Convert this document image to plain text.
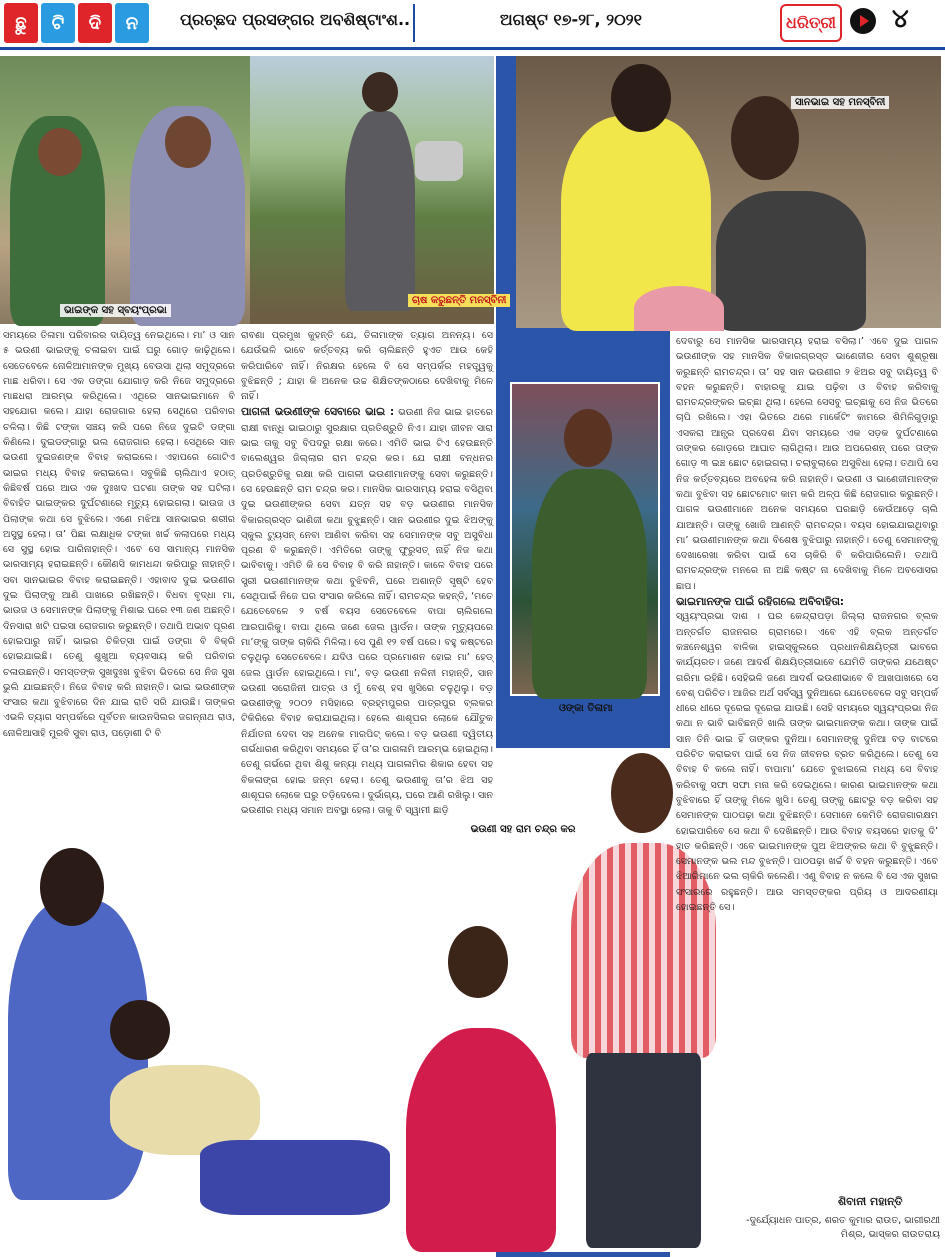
ଛୁ	ଟି	ଦି	ନ	ପ୍ରଚ୍ଛଦ ପ୍ରସଙ୍ଗର ଅବଶିଷ୍ଟାଂଶ..	ଅଗଷ୍ଟ ୧୭-୨୮, ୨୦୨୧	ଧରିତ୍ରୀ ୪
ଭାଇଙ୍କ ସହ ସ୍ବୟଂପ୍ରଭା
ଚାଷ କରୁଛନ୍ତି ମନସ୍ବିନୀ
ସାନଭାଇ ସହ ମନସ୍ବିନୀ
ଓଙ୍କା ତିଳାମା
ଭଉଣୀ ସହ ରାମ ଚନ୍ଦ୍ର କର

ସମୟରେ ତିଳାମା ପରିବାରର ଦାୟିତ୍ୱ ନେଇଥିଲେ। ମା’ ଓ ସାନ ୫ ଭଉଣୀ ଭାଇଙ୍କୁ ଚଳାଇବା ପାଇଁ ଘରୁ ଗୋଡ଼ କାଢ଼ିଥିଲେ। ସେତେବେଳେ ନୋଳିଆମାନଙ୍କ ମୁଖ୍ୟ ବେଉସା ଥିଲା ସମୁଦ୍ରରେ ମାଛ ଧରିବା। ସେ ଏକ ଡଙ୍ଗା ଯୋଗାଡ଼ କରି ନିଜେ ସମୁଦ୍ରରେ ମାଛଧରା ଆରମ୍ଭ କରିଥିଲେ। ଏଥିରେ ସାନଭାଇମାନେ ବି ସହଯୋଗ କଲେ। ଯାହା ରୋଜଗାର ହେଲା ସେଥିରେ ପରିବାର ଚଳିଲା। କିଛି ଟଙ୍କା ସଞ୍ଚୟ କରି ପରେ ନିଜେ ଦୁଇଟି ଡଙ୍ଗା କିଣିଲେ। ଦୁଇଡଙ୍ଗାରୁ ଭଲ ରୋଜଗାର ହେଲା। ସେଥିରେ ସାନ ଭଉଣୀ ଦୁଇଜଣଙ୍କ ବିବାହ କରାଇଲେ। ଏହାପରେ ଗୋଟିଏ ଭାଇର ମଧ୍ୟ ବିବାହ କରାଇଲେ। ସବୁକିଛି ଚାଲିଥାଏ ହଠାତ୍ କିଛିବର୍ଷ ପରେ ଆଉ ଏକ ଦୁଃଖଦ ଘଟଣା ତାଙ୍କ ସହ ଘଟିଲା। ବିବାହିତ ଭାଇଙ୍କର ଦୁର୍ଘଟଣାରେ ମୃତ୍ୟୁ ହୋଇଗଲା। ଭାଉଜ ଓ ପିଲାଙ୍କ କଥା ସେ ବୁଝିଲେ। ଏଣେ ମଝିଆ ସାନଭାଇର ଶରୀର ଅସୁସ୍ଥ ହେଲା। ତା’ ପିଛା ଲକ୍ଷାଧିକ ଟଙ୍କା ଖର୍ଚ୍ଚ କଲାପରେ ମଧ୍ୟ ସେ ସୁସ୍ଥ ହୋଇ ପାରିନାହାନ୍ତି। ଏବେ ସେ ସାମାନ୍ୟ ମାନସିକ ଭାରସାମ୍ୟ ହରାଇଛନ୍ତି। କୌଣସି କାମଧନ୍ଦା କରିପାରୁ ନାହାନ୍ତି। ସବା ସାନଭାଇର ବିବାହ କରାଇଛନ୍ତି। ଏହାବାଦ ଦୁଇ ଭଉଣୀର ଦୁଇ ପିଲାଙ୍କୁ ଆଣି ପାଖରେ ରଖିଛନ୍ତି। ବିଧବା ବୃଦ୍ଧା ମା, ଭାଉଜ ଓ ସେମାନଙ୍କ ପିଲାଙ୍କୁ ମିଶାଇ ଘରେ ୧୩ ଜଣ ଅଛନ୍ତି। ଦିନସାରା ଖଟି ପଇସା ରୋଜଗାର କରୁଛନ୍ତି। ତଥାପି ଅଭାବ ପୂରଣ ହୋଇପାରୁ ନାହିଁ। ଭାଇର ଚିକିତ୍ସା ପାଇଁ ଡଙ୍ଗା ବି ବିକ୍ରି ହୋଇଯାଇଛି। ତେଣୁ ଶୁଖୁଆ ବ୍ୟବସାୟ କରି ପରିବାର ଚଳାଉଛନ୍ତି। ସମସ୍ତଙ୍କ ସୁଖଦୁଃଖ ବୁଝିବା ଭିତରେ ସେ ନିଜ ସୁଖ ଭୁଲି ଯାଇଛନ୍ତି। ନିଜେ ବିବାହ କରି ନାହାନ୍ତି। ଭାଇ ଭଉଣୀଙ୍କ ସଂସାର କଥା ବୁଝିବାରେ ଦିନ ଯାଇ ରାତି ସରି ଯାଉଛି। ତାଙ୍କର ଏଭଳି ତ୍ୟାଗ ସମ୍ପର୍କରେ ପୂର୍ବତନ କାଉନସିଲର ଜଗନ୍ନାଥ ରାଓ, ନୋଳିଆସାହି ମୁରବି ସୁବା ରାଓ, ପଡ଼ୋଶୀ ଟି ବି

ରାବଣା ପ୍ରମୁଖ କୁହନ୍ତି ଯେ, ତିଳାମାଙ୍କ ତ୍ୟାଗ ଅନନ୍ୟ। ସେ ଯେଉଁଭଳି ଭାବେ କର୍ତ୍ତବ୍ୟ କରି ଚାଲିଛନ୍ତି ହୁଏତ ଆଉ କେହି କରିପାରିବେ ନାହିଁ। ନିରକ୍ଷର ହେଲେ ବି ସେ ସମ୍ପର୍କର ମହତ୍ତ୍ୱକୁ ବୁଝିଛନ୍ତି ; ଯାହା କି ଅନେକ ଉଚ୍ଚ ଶିକ୍ଷିତଙ୍କଠାରେ ଦେଖିବାକୁ ମିଳେ ନାହିଁ।

ପାଗଳୀ ଭଉଣୀଙ୍କ ସେବାରେ ଭାଇ : ଭଉଣୀ ନିଜ ଭାଇ ହାତରେ ରାକ୍ଷୀ ବାନ୍ଧି ଭାଇଠାରୁ ସୁରକ୍ଷାର ପ୍ରତିଶ୍ରୁତି ନିଏ। ଯାହା ଜୀବନ ସାରା ଭାଇ ତାକୁ ସବୁ ବିପଦରୁ ରକ୍ଷା କରେ। ଏମିତି ଭାଇ ଟିଏ ହେଉଛନ୍ତି ବାଲେଶ୍ୱର ଜିଲ୍ଲାର ରାମ ଚନ୍ଦ୍ର କର। ଯେ ରାକ୍ଷୀ ବନ୍ଧନର ପ୍ରତିଶ୍ରୁତିକୁ ରକ୍ଷା କରି ପାଗଳୀ ଭଉଣୀମାନଙ୍କୁ ସେବା କରୁଛନ୍ତି। ସେ ହେଉଛନ୍ତି ରାମ ଚନ୍ଦ୍ର କର। ମାନସିକ ଭାରସାମ୍ୟ ହରାଇ ବସିଥିବା ଦୁଇ ଭଉଣୀଙ୍କର ସେବା ଯତ୍ନ ସହ ବଡ଼ ଭଉଣୀର ମାନସିକ ବିକାରଗ୍ରସ୍ତ ଭାଣିଜୀ କଥା ବୁଝୁଛନ୍ତି। ସାନ ଭଉଣୀର ଦୁଇ ଝିଅଙ୍କୁ ସ୍କୁଲ ଟ୍ୟୁସନ୍ ନେବା ଆଣିବା କରିବା ସହ ସେମାନଙ୍କ ସବୁ ଅସୁବିଧା ପୂରଣ ବି କରୁଛନ୍ତି। ଏମିତିରେ ତାଙ୍କୁ ଫୁରୁସତ୍ ନାହିଁ ନିଜ କଥା ଭାବିବାକୁ। ଏମିତି କି ସେ ବିବାହ ବି କରି ନାହାନ୍ତି। କାଳେ ବିବାହ ପରେ ସ୍ତ୍ରୀ ଭଉଣୀମାନଙ୍କ କଥା ବୁଝିବନି, ଘରେ ଅଶାନ୍ତି ସୃଷ୍ଟି ହେବ ସେଥିପାଇଁ ନିଜେ ଘର ସଂସାର କରିଲେ ନାହିଁ। ରାମଚନ୍ଦ୍ର କହନ୍ତି, ‘ମତେ ଯେତେବେଳେ ୨ ବର୍ଷ ବୟସ ସେତେବେଳେ ବାପା ଚାଲିଗଲେ ଆରପାରିକୁ। ବାପା ଥିଲେ ଜଣେ ଜେଲ ୱାର୍ଡନ। ତାଙ୍କ ମୃତ୍ୟୁପରେ ମା’ଙ୍କୁ ତାଙ୍କ ଚାକିରି ମିଳିଲା। ସେ ପୁଣି ୧୨ ବର୍ଷ ପରେ। ବହୁ କଷ୍ଟରେ ଚଳୁଥିଲୁ ସେତେବେଳେ। ଯଦିଓ ପରେ ପ୍ରମୋଶନ ହୋଇ ମା’ ହେଡ୍ ଜେଲ ୱାର୍ଡନ ହୋଇଥିଲେ। ମା’, ବଡ଼ ଭଉଣୀ ନଳିନୀ ମହାନ୍ତି, ସାନ ଭଉଣୀ ସରୋଜିନୀ ପାତ୍ର ଓ ମୁଁ ବେଶ୍ ହସ ଖୁସିରେ ଚଳୁଥିଲୁ। ବଡ଼ ଭଉଣୀଙ୍କୁ ୨୦୦୨ ମସିହାରେ ବ୍ରହ୍ମପୁରର ପାତ୍ରପୁର ବ୍ଲକର ଟିକିରିରେ ବିବାହ କରାଯାଇଥିଲା। ହେଲେ ଶାଶୂଘର ଲୋକେ ଯୌତୁକ ନିର୍ଯାତନା ଦେବା ସହ ଅନେକ ମାରପିଟ୍ କଲେ। ବଡ଼ ଭଉଣୀ ଦ୍ୱିତୀୟ ଗର୍ଭଧାରଣ କରିଥିବା ସମୟରେ ହିଁ ତା’ର ପାଗଳାମି ଆରମ୍ଭ ହୋଇଥିଲା। ତେଣୁ ଗର୍ଭରେ ଥିବା ଶିଶୁ କନ୍ୟା ମଧ୍ୟ ପାଗଳାମିର ଶିକାର ହେବା ସହ ବିକଳାଙ୍ଗ ହୋଇ ଜନ୍ମ ହେଲା। ତେଣୁ ଭଉଣୀକୁ ତା’ର ଝିଅ ସହ ଶାଶୂଘର ଲୋକେ ଘରୁ ତଡ଼ିଦେଲେ। ଦୁର୍ଭାଗ୍ୟ, ଘରେ ଆଣି ରଖିଲୁ। ସାନ ଭଉଣୀର ମଧ୍ୟ ସମାନ ଅବସ୍ଥା ହେଲା। ତାକୁ ବି ସ୍ୱାମୀ ଛାଡ଼ି

ଦେବାରୁ ସେ ମାନସିକ ଭାରସାମ୍ୟ ହରାଇ ବସିଲା।’ ଏବେ ଦୁଇ ପାଗଳ ଭଉଣୀଙ୍କ ସହ ମାନସିକ ବିକାରଗ୍ରସ୍ତ ଭାଣେଜୀର ସେବା ଶୁଶ୍ରୂଷା କରୁଛନ୍ତି ରାମଚନ୍ଦ୍ର। ତା’ ସହ ସାନ ଭଉଣୀର ୨ ଝିଅର ସବୁ ଦାୟିତ୍ୱ ବି ବହନ କରୁଛନ୍ତି। ବାହାରକୁ ଯାଇ ପଢ଼ିବା ଓ ବିବାହ କରିବାକୁ ରାମଚନ୍ଦ୍ରଙ୍କର ଇଚ୍ଛା ଥିଲା। ହେଲେ ସେସବୁ ଇଚ୍ଛାକୁ ସେ ନିଜ ଭିତରେ ଚାପି ରଖିଲେ। ଏହା ଭିତରେ ଥରେ ମାର୍କେଟିଂ କାମରେ ଶିମିଳିଗୁଡ଼ାରୁ ଏସକରା ଆନ୍ଧ୍ର ପ୍ରଦେଶ ଯିବା ସମୟରେ ଏକ ସଡ଼କ ଦୁର୍ଘଟଣାରେ ତାଙ୍କର ଗୋଡ଼ରେ ଆଘାତ ଲାଗିଥିଲା। ଆଉ ଅପରେଶନ୍ ପରେ ତାଙ୍କ ଗୋଡ଼ ୩ ଇଞ୍ଚ ଛୋଟ ହୋଇଗଲା। ଚଲାବୁଲାରେ ଅସୁବିଧା ହେଲା। ତଥାପି ସେ ନିଜ କର୍ତ୍ତବ୍ୟରେ ଅବହେଳା କରି ନାହାନ୍ତି। ଭଉଣୀ ଓ ଭାଣେଜୀମାନଙ୍କ କଥା ବୁଝିବା ସହ ଛୋଟମୋଟ କାମ କରି ଅଳ୍ପ କିଛି ରୋଜଗାର କରୁଛନ୍ତି। ପାଗଳ ଭଉଣୀମାନେ ଅନେକ ସମୟରେ ଘରଛାଡ଼ି କେଉଁଆଡ଼େ ଚାଲି ଯାଆନ୍ତି। ତାଙ୍କୁ ଖୋଜି ଆଣନ୍ତି ରାମଚନ୍ଦ୍ର। ବୟସ ହୋଇଯାଇଥିବାରୁ ମା’ ଭଉଣୀମାନଙ୍କ କଥା ବିଶେଷ ବୁଝିପାରୁ ନାହାନ୍ତି। ତେଣୁ ସେମାନଙ୍କୁ ଦେଖାରେଖା କରିବା ପାଇଁ ସେ ଚାକିରି ବି କରିପାରିଲେନି। ତଥାପି ରାମଚନ୍ଦ୍ରଙ୍କ ମନରେ ନା ଅଛି କଷ୍ଟ ନା ଦେଖିବାକୁ ମିଳେ ଅବସୋସର ଛାପ।

ଭାଇମାନଙ୍କ ପାଇଁ ରହିଗଲେ ଅବିବାହିତା:

ସ୍ୱୟଂପ୍ରଭା ଦାଶ । ଘର କେନ୍ଦ୍ରାପଡ଼ା ଜିଲ୍ଲା ରାଜନଗର ବ୍ଲକ ଅନ୍ତର୍ଗତ ରାଜନଗର ଗ୍ରାମରେ। ଏବେ ଏହି ବ୍ଲକ ଅନ୍ତର୍ଗତ କଞ୍ଚନେଶ୍ୱର ବାଳିକା ହାଇସ୍କୁଲରେ ପ୍ରଧାନଶିକ୍ଷୟିତ୍ରୀ ଭାବରେ କାର୍ଯ୍ୟରତ। ଜଣେ ଆଦର୍ଶ ଶିକ୍ଷୟିତ୍ରୀଭାବେ ଯେମିତି ତାଙ୍କର ଯଥେଷ୍ଟ ଗରିମା ରହିଛି। ସେହିଭଳି ଜଣେ ଆଦର୍ଶ ଭଉଣୀଭାବେ ବି ଆଖପାଖରେ ସେ ବେଶ୍ ପରିଚିତ। ଆଜିର ଅର୍ଥ ସର୍ବସ୍ୱ ଦୁନିଆରେ ଯେତେବେଳେ ସବୁ ସମ୍ପର୍କ ଧୀରେ ଧୀରେ ଦୂରେଇ ଦୂରେଇ ଯାଉଛି। ସେହି ସମୟରେ ସ୍ୱୟଂପ୍ରଭା ନିଜ କଥା ନ ଭାବି ଭାବିଛନ୍ତି ଖାଲି ତାଙ୍କ ଭାଇମାନଙ୍କ କଥା। ତାଙ୍କ ପାଇଁ ସାନ ତିନି ଭାଇ ହିଁ ତାଙ୍କର ଦୁନିଆ। ସେମାନଙ୍କୁ ଦୁନିଆ ବଡ଼ ବାଟରେ ପରିଚିତ କରାଇବା ପାଇଁ ସେ ନିଜ ଜୀବନର ବ୍ରତ କରିଥିଲେ। ତେଣୁ ସେ ବିବାହ ବି କଲେ ନାହିଁ। ବାପାମା’ ଯେତେ ବୁଝାଇଲେ ମଧ୍ୟ ସେ ବିବାହ କରିବାକୁ ସଫା ସଫା ମନା କରି ଦେଇଥିଲେ। କାରଣ ଭାଇମାନଙ୍କ କଥା ବୁଝିବାରେ ହିଁ ତାଙ୍କୁ ମିଳେ ଖୁସି। ତେଣୁ ତାଙ୍କୁ ଛୋଟରୁ ବଡ଼ କରିବା ସହ ସେମାନଙ୍କ ପାଠପଢ଼ା କଥା ବୁଝିଛନ୍ତି। ସେମାନେ କେମିତି ରୋଜଗାରକ୍ଷମ ହୋଇପାରିବେ ସେ କଥା ବି ଦେଖିଛନ୍ତି। ଆଉ ବିବାହ ବୟସରେ ହାତକୁ ଦି’ ହାତ କରିଛନ୍ତି। ଏବେ ଭାଇମାନଙ୍କ ପୁଅ ଝିଅଙ୍କର କଥା ବି ବୁଝୁଛନ୍ତି। ସେମାନଙ୍କ ଭଲ ମନ୍ଦ ବୁଝନ୍ତି। ପାଠପଢ଼ା ଖର୍ଚ୍ଚ ବି ବହନ କରୁଛନ୍ତି। ଏବେ ଝିଆରିମାନେ ଭଲ ଚାକିରି କଲେଣି। ଏଣୁ ବିବାହ ନ କଲେ ବି ସେ ଏକ ସୁଖର ସଂସାରରେ ରହୁଛନ୍ତି। ଆଉ ସମସ୍ତଙ୍କର ପ୍ରିୟ ଓ ଆଦରଣୀୟା ହୋଇଛନ୍ତି ସେ।

ଶିବାନୀ ମହାନ୍ତି
-ଦୁର୍ଯ୍ୟୋଧନ ପାତ୍ର, ଶରତ କୁମାର ରାଉତ, ଭାଗୀରଥୀ ମିଶ୍ର, ଭାସ୍କର ରାଉତରାୟ
